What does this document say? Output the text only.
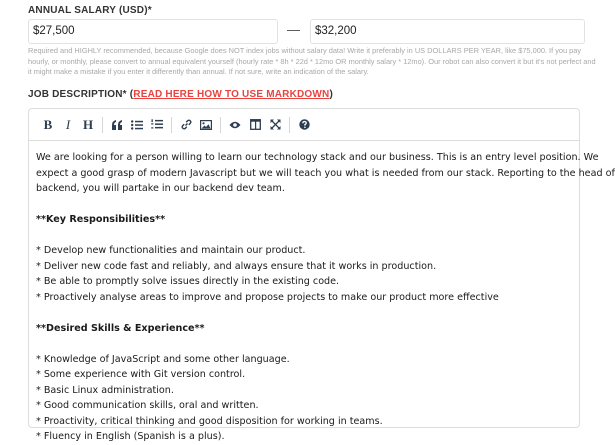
ANNUAL SALARY (USD)*
$27,500	—	$32,200
Required and HIGHLY recommended, because Google does NOT index jobs without salary data! Write it preferably in US DOLLARS PER YEAR, like $75,000. If you pay hourly, or monthly, please convert to annual equivalent yourself (hourly rate * 8h * 22d * 12mo OR monthly salary * 12mo). Our robot can also convert it but it's not perfect and it might make a mistake if you enter it differently than annual. If not sure, write an indication of the salary.
JOB DESCRIPTION* (READ HERE HOW TO USE MARKDOWN)
B I H
We are looking for a person willing to learn our technology stack and our business. This is an entry level position. We
expect a good grasp of modern Javascript but we will teach you what is needed from our stack. Reporting to the head of
backend, you will partake in our backend dev team.
**Key Responsibilities**
* Develop new functionalities and maintain our product.
* Deliver new code fast and reliably, and always ensure that it works in production.
* Be able to promptly solve issues directly in the existing code.
* Proactively analyse areas to improve and propose projects to make our product more effective
**Desired Skills & Experience**
* Knowledge of JavaScript and some other language.
* Some experience with Git version control.
* Basic Linux administration.
* Good communication skills, oral and written.
* Proactivity, critical thinking and good disposition for working in teams.
* Fluency in English (Spanish is a plus).
